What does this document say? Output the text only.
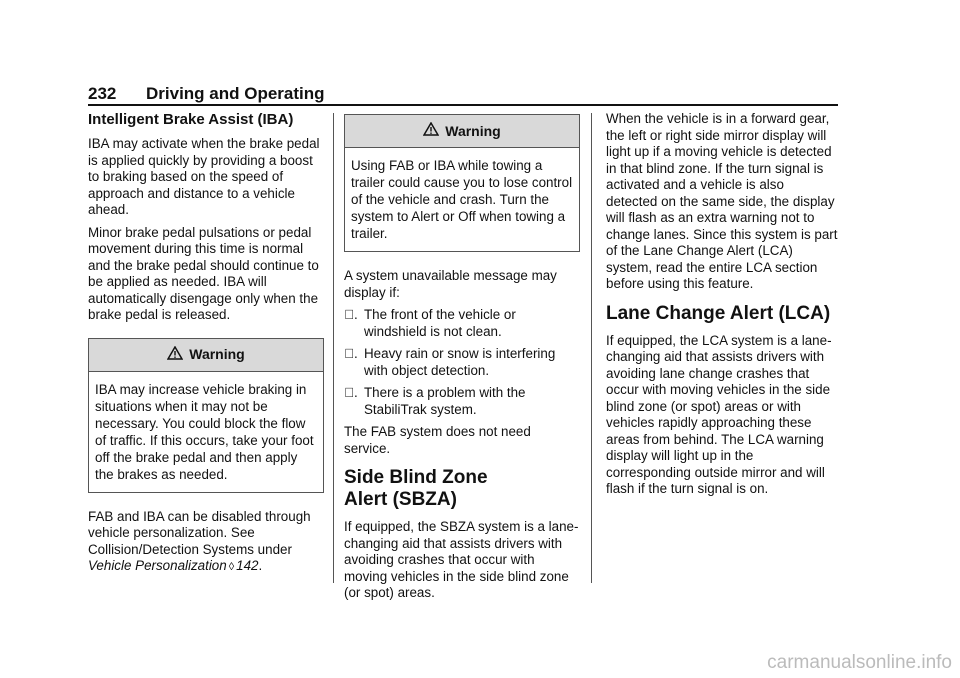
232	Driving and Operating
Intelligent Brake Assist (IBA)

IBA may activate when the brake pedal is applied quickly by providing a boost to braking based on the speed of approach and distance to a vehicle ahead.

Minor brake pedal pulsations or pedal movement during this time is normal and the brake pedal should continue to be applied as needed. IBA will automatically disengage only when the brake pedal is released.

Warning
IBA may increase vehicle braking in situations when it may not be necessary. You could block the flow of traffic. If this occurs, take your foot off the brake pedal and then apply the brakes as needed.

FAB and IBA can be disabled through vehicle personalization. See Collision/Detection Systems under Vehicle Personalization ◊ 142.

Warning
Using FAB or IBA while towing a trailer could cause you to lose control of the vehicle and crash. Turn the system to Alert or Off when towing a trailer.

A system unavailable message may display if:

 . The front of the vehicle or windshield is not clean.
 . Heavy rain or snow is interfering with object detection.
 . There is a problem with the StabiliTrak system.

The FAB system does not need service.

Side Blind Zone
Alert (SBZA)

If equipped, the SBZA system is a lane-changing aid that assists drivers with avoiding crashes that occur with moving vehicles in the side blind zone (or spot) areas.

When the vehicle is in a forward gear, the left or right side mirror display will light up if a moving vehicle is detected in that blind zone. If the turn signal is activated and a vehicle is also detected on the same side, the display will flash as an extra warning not to change lanes. Since this system is part of the Lane Change Alert (LCA) system, read the entire LCA section before using this feature.

Lane Change Alert (LCA)

If equipped, the LCA system is a lane-changing aid that assists drivers with avoiding lane change crashes that occur with moving vehicles in the side blind zone (or spot) areas or with vehicles rapidly approaching these areas from behind. The LCA warning display will light up in the corresponding outside mirror and will flash if the turn signal is on.

carmanualsonline.info
